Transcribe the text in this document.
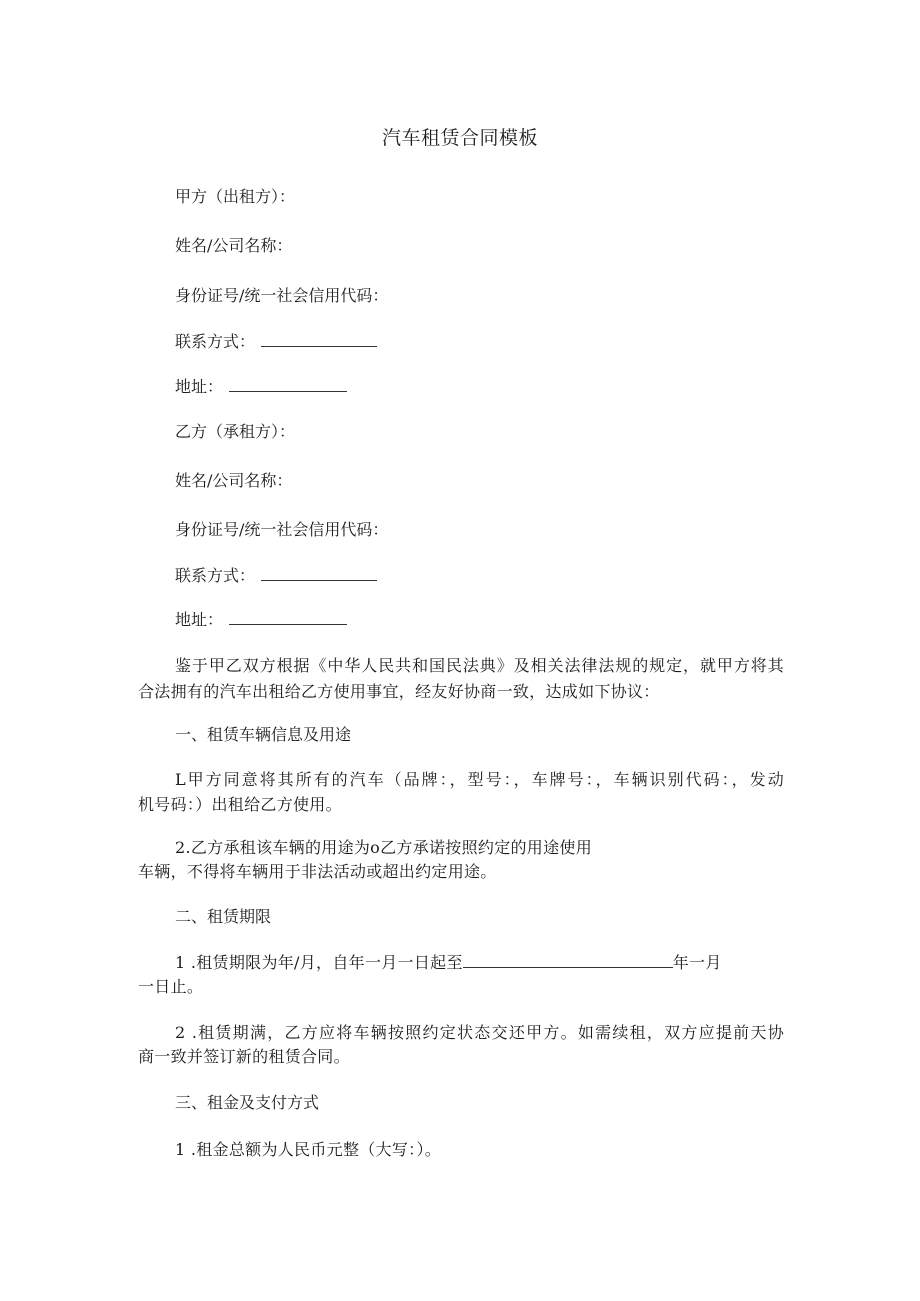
汽车租赁合同模板
甲方（出租方）：
姓名/公司名称：
身份证号/统一社会信用代码：
联系方式：
地址：
乙方（承租方）：
姓名/公司名称：
身份证号/统一社会信用代码：
联系方式：
地址：
鉴于甲乙双方根据《中华人民共和国民法典》及相关法律法规的规定，就甲方将其
合法拥有的汽车出租给乙方使用事宜，经友好协商一致，达成如下协议：
一、租赁车辆信息及用途
L甲方同意将其所有的汽车（品牌：，型号：，车牌号：，车辆识别代码：，发动
机号码：）出租给乙方使用。
2.乙方承租该车辆的用途为o乙方承诺按照约定的用途使用
车辆，不得将车辆用于非法活动或超出约定用途。
二、租赁期限
1 .租赁期限为年/月，自年一月一日起至	年一月
一日止。
2 .租赁期满，乙方应将车辆按照约定状态交还甲方。如需续租，双方应提前天协
商一致并签订新的租赁合同。
三、租金及支付方式
1 .租金总额为人民币元整（大写：）。
